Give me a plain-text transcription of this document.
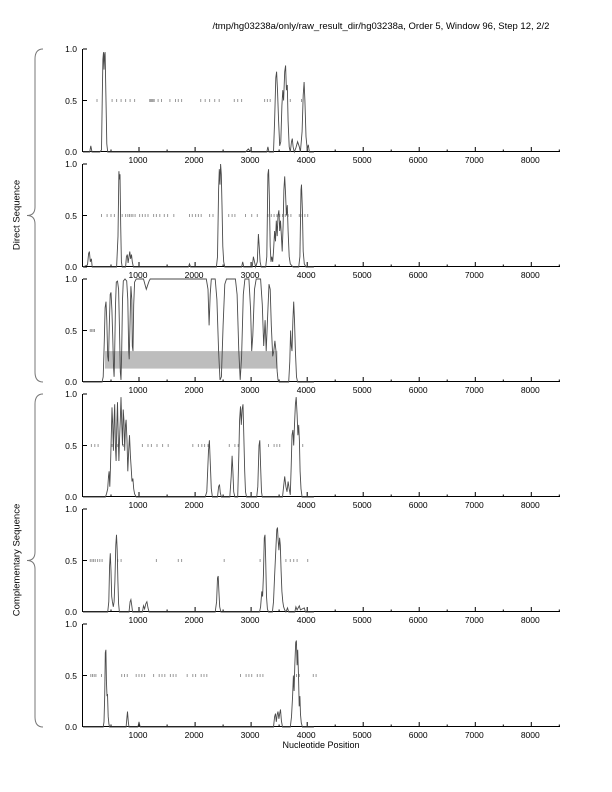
/tmp/hg03238a/only/raw_result_dir/hg03238a, Order 5, Window 96, Step 12, 2/2
Direct Sequence
Complementary Sequence
1.0
0.5
0.0
1000	2000	3000	4000	5000	6000	7000	8000
1.0
0.5
0.0
1000	2000	3000	4000	5000	6000	7000	8000
1.0
0.5
0.0
1000	2000	3000	4000	5000	6000	7000	8000
1.0
0.5
0.0
1000	2000	3000	4000	5000	6000	7000	8000
1.0
0.5
0.0
1000	2000	3000	4000	5000	6000	7000	8000
1.0
0.5
0.0
1000	2000	3000	4000	5000	6000	7000	8000
Nucleotide Position
